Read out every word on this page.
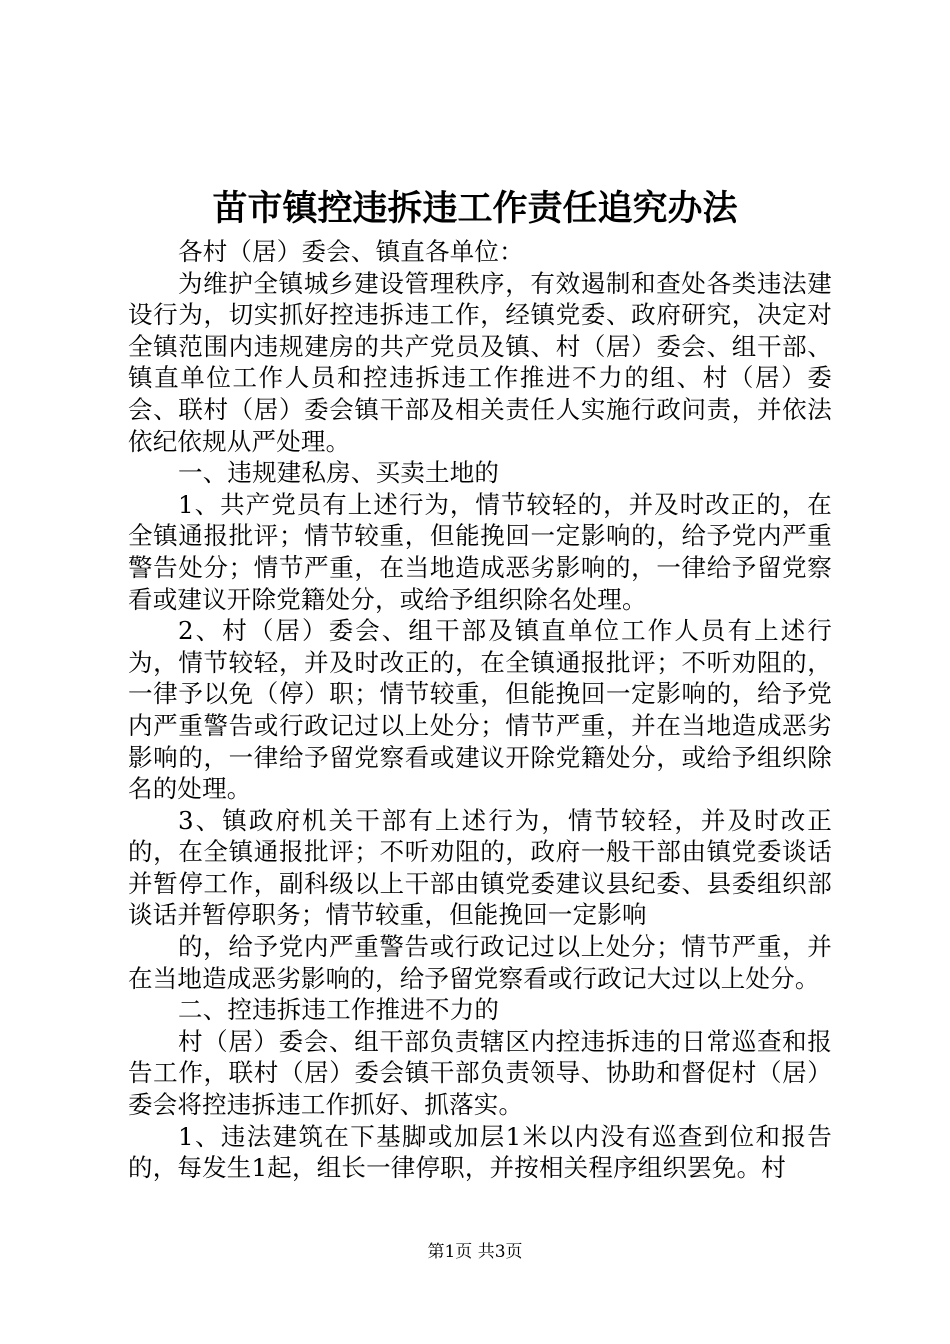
苗市镇控违拆违工作责任追究办法

各村（居）委会、镇直各单位：

为维护全镇城乡建设管理秩序，有效遏制和查处各类违法建设行为，切实抓好控违拆违工作，经镇党委、政府研究，决定对全镇范围内违规建房的共产党员及镇、村（居）委会、组干部、镇直单位工作人员和控违拆违工作推进不力的组、村（居）委会、联村（居）委会镇干部及相关责任人实施行政问责，并依法依纪依规从严处理。

一、违规建私房、买卖土地的

1、共产党员有上述行为，情节较轻的，并及时改正的，在全镇通报批评；情节较重，但能挽回一定影响的，给予党内严重警告处分；情节严重，在当地造成恶劣影响的，一律给予留党察看或建议开除党籍处分，或给予组织除名处理。

2、村（居）委会、组干部及镇直单位工作人员有上述行为，情节较轻，并及时改正的，在全镇通报批评；不听劝阻的，一律予以免（停）职；情节较重，但能挽回一定影响的，给予党内严重警告或行政记过以上处分；情节严重，并在当地造成恶劣影响的，一律给予留党察看或建议开除党籍处分，或给予组织除名的处理。

3、镇政府机关干部有上述行为，情节较轻，并及时改正的，在全镇通报批评；不听劝阻的，政府一般干部由镇党委谈话并暂停工作，副科级以上干部由镇党委建议县纪委、县委组织部谈话并暂停职务；情节较重，但能挽回一定影响

的，给予党内严重警告或行政记过以上处分；情节严重，并在当地造成恶劣影响的，给予留党察看或行政记大过以上处分。

二、控违拆违工作推进不力的

村（居）委会、组干部负责辖区内控违拆违的日常巡查和报告工作，联村（居）委会镇干部负责领导、协助和督促村（居）委会将控违拆违工作抓好、抓落实。

1、违法建筑在下基脚或加层1米以内没有巡查到位和报告的，每发生1起，组长一律停职，并按相关程序组织罢免。村

第1页 共3页
